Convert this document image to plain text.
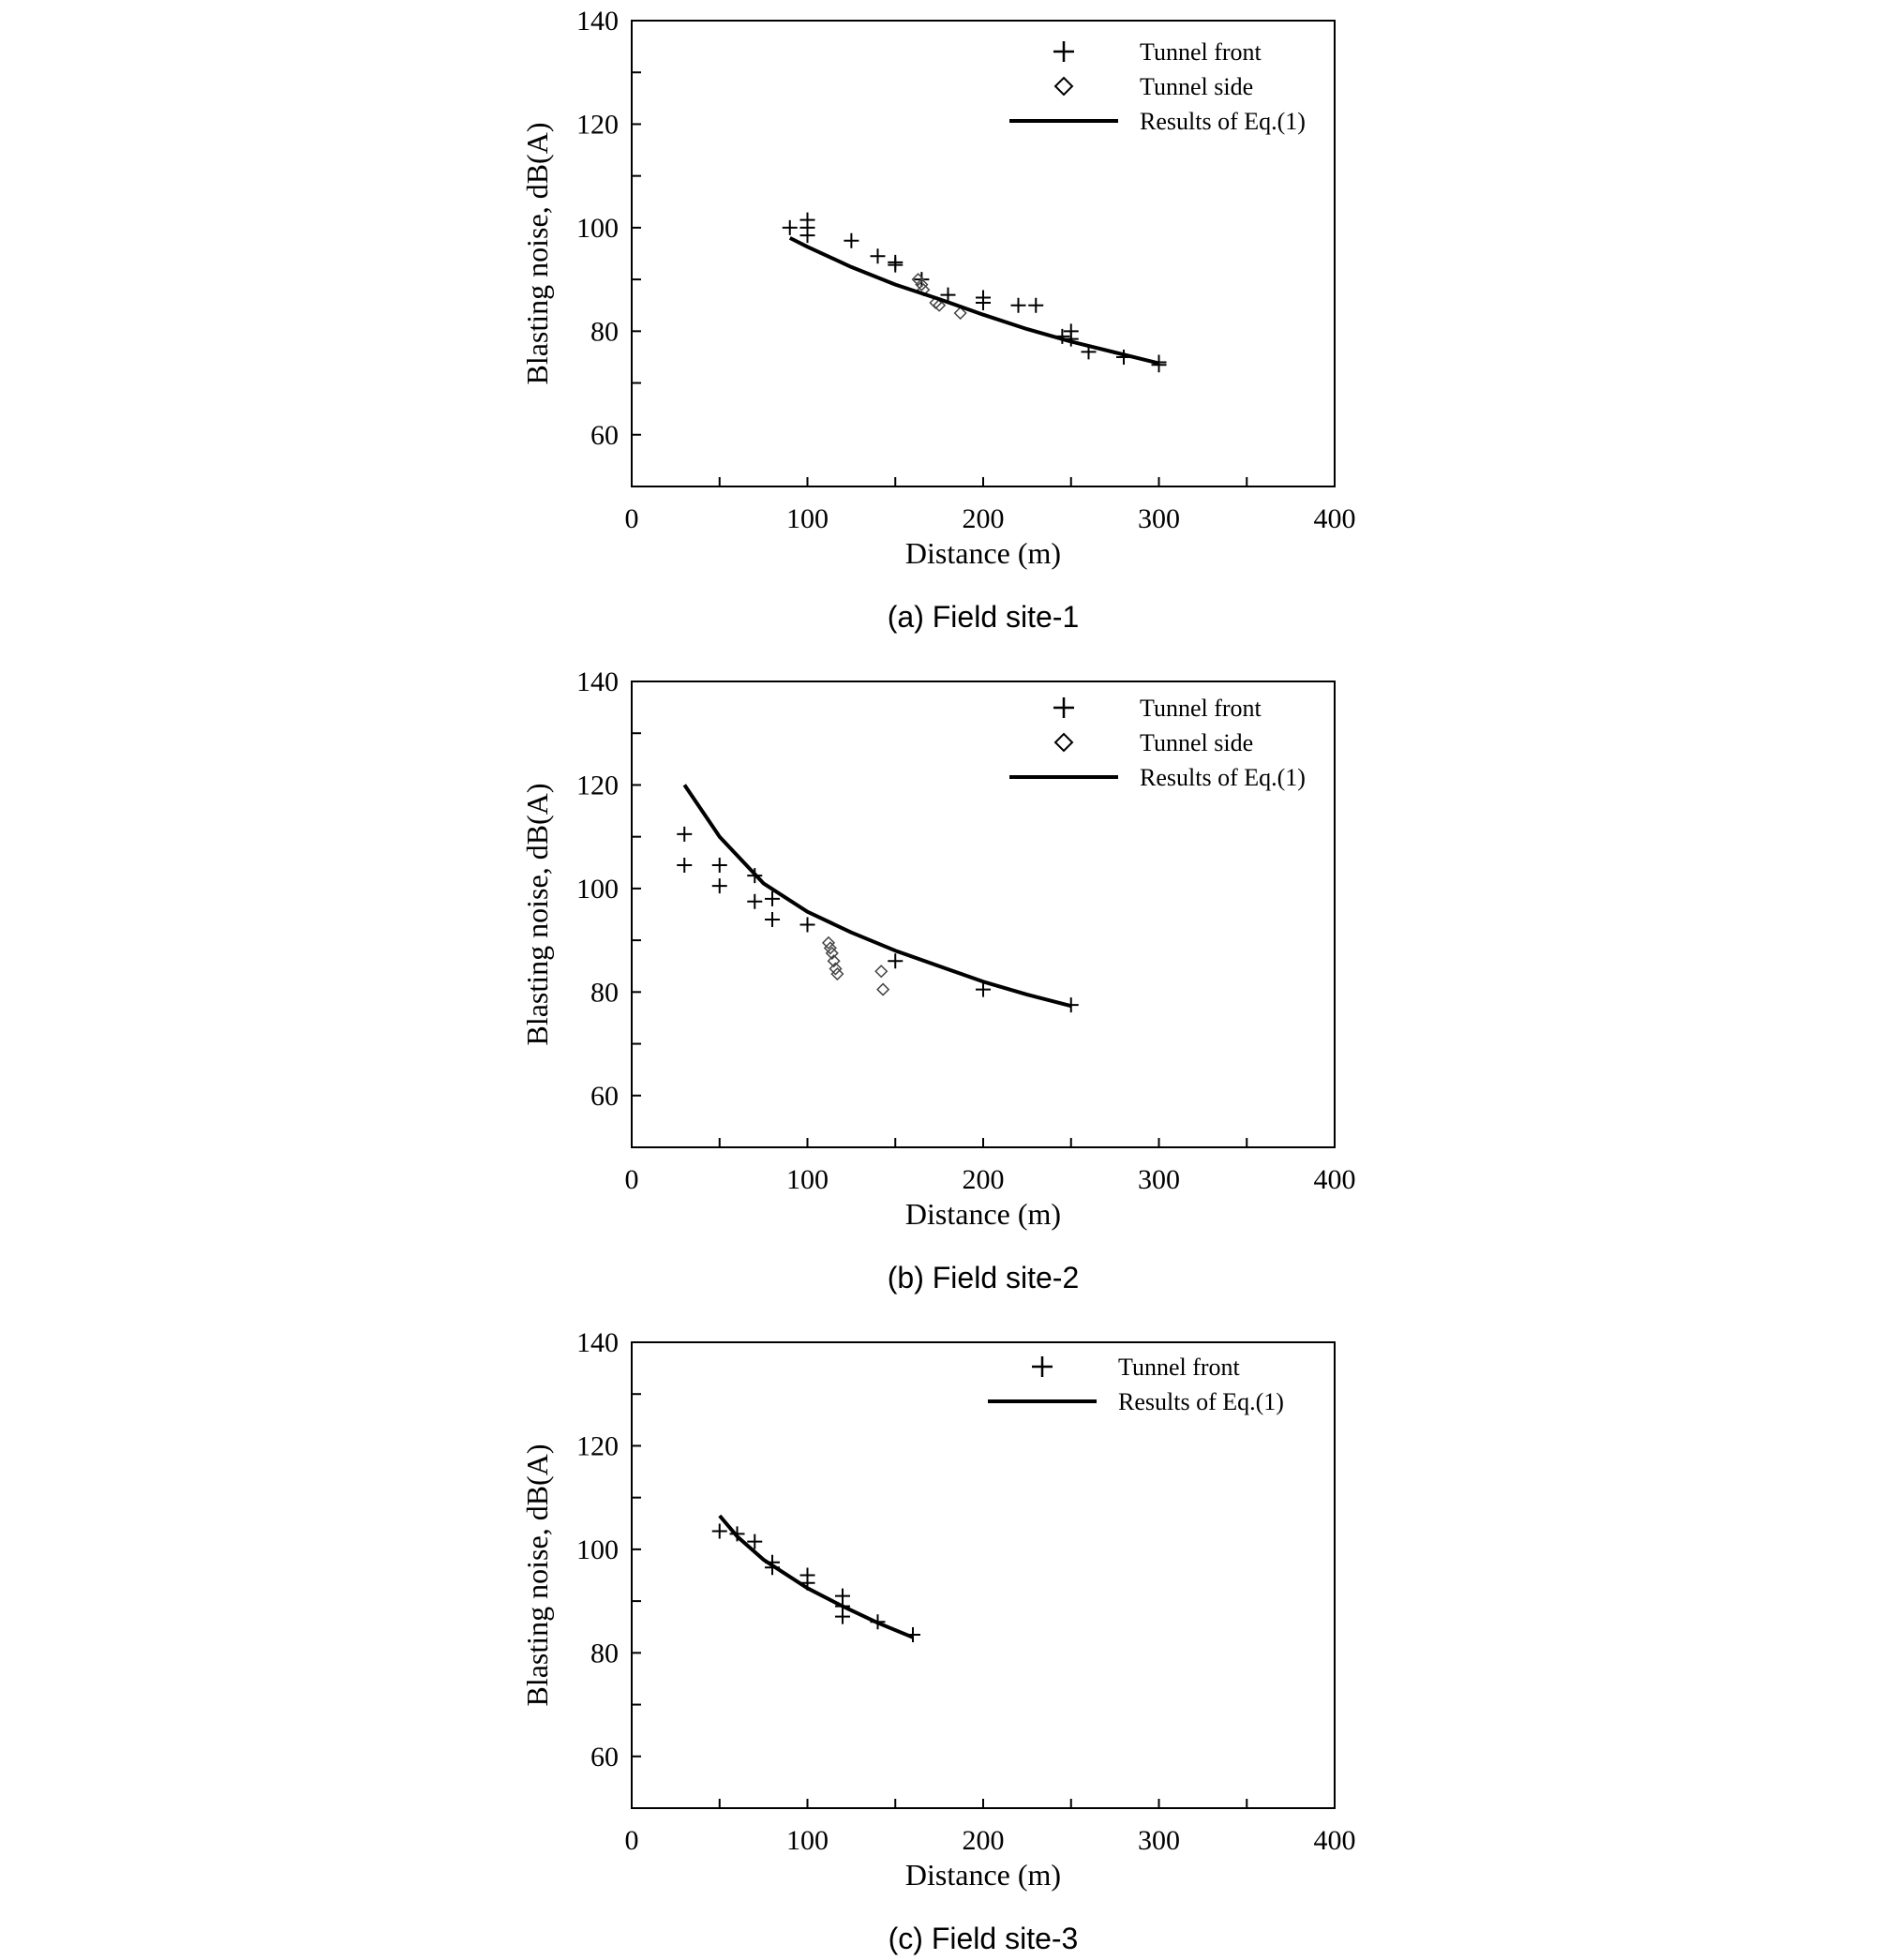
0	100	200	300	400
60
80
100
120
140
Distance (m)
Blasting noise, dB(A)
(a) Field site-1
Tunnel front
Tunnel side
Results of Eq.(1)
0	100	200	300	400
60
80
100
120
140
Distance (m)
Blasting noise, dB(A)
(b) Field site-2
Tunnel front
Tunnel side
Results of Eq.(1)
0	100	200	300	400
60
80
100
120
140
Distance (m)
Blasting noise, dB(A)
(c) Field site-3
Tunnel front
Results of Eq.(1)
